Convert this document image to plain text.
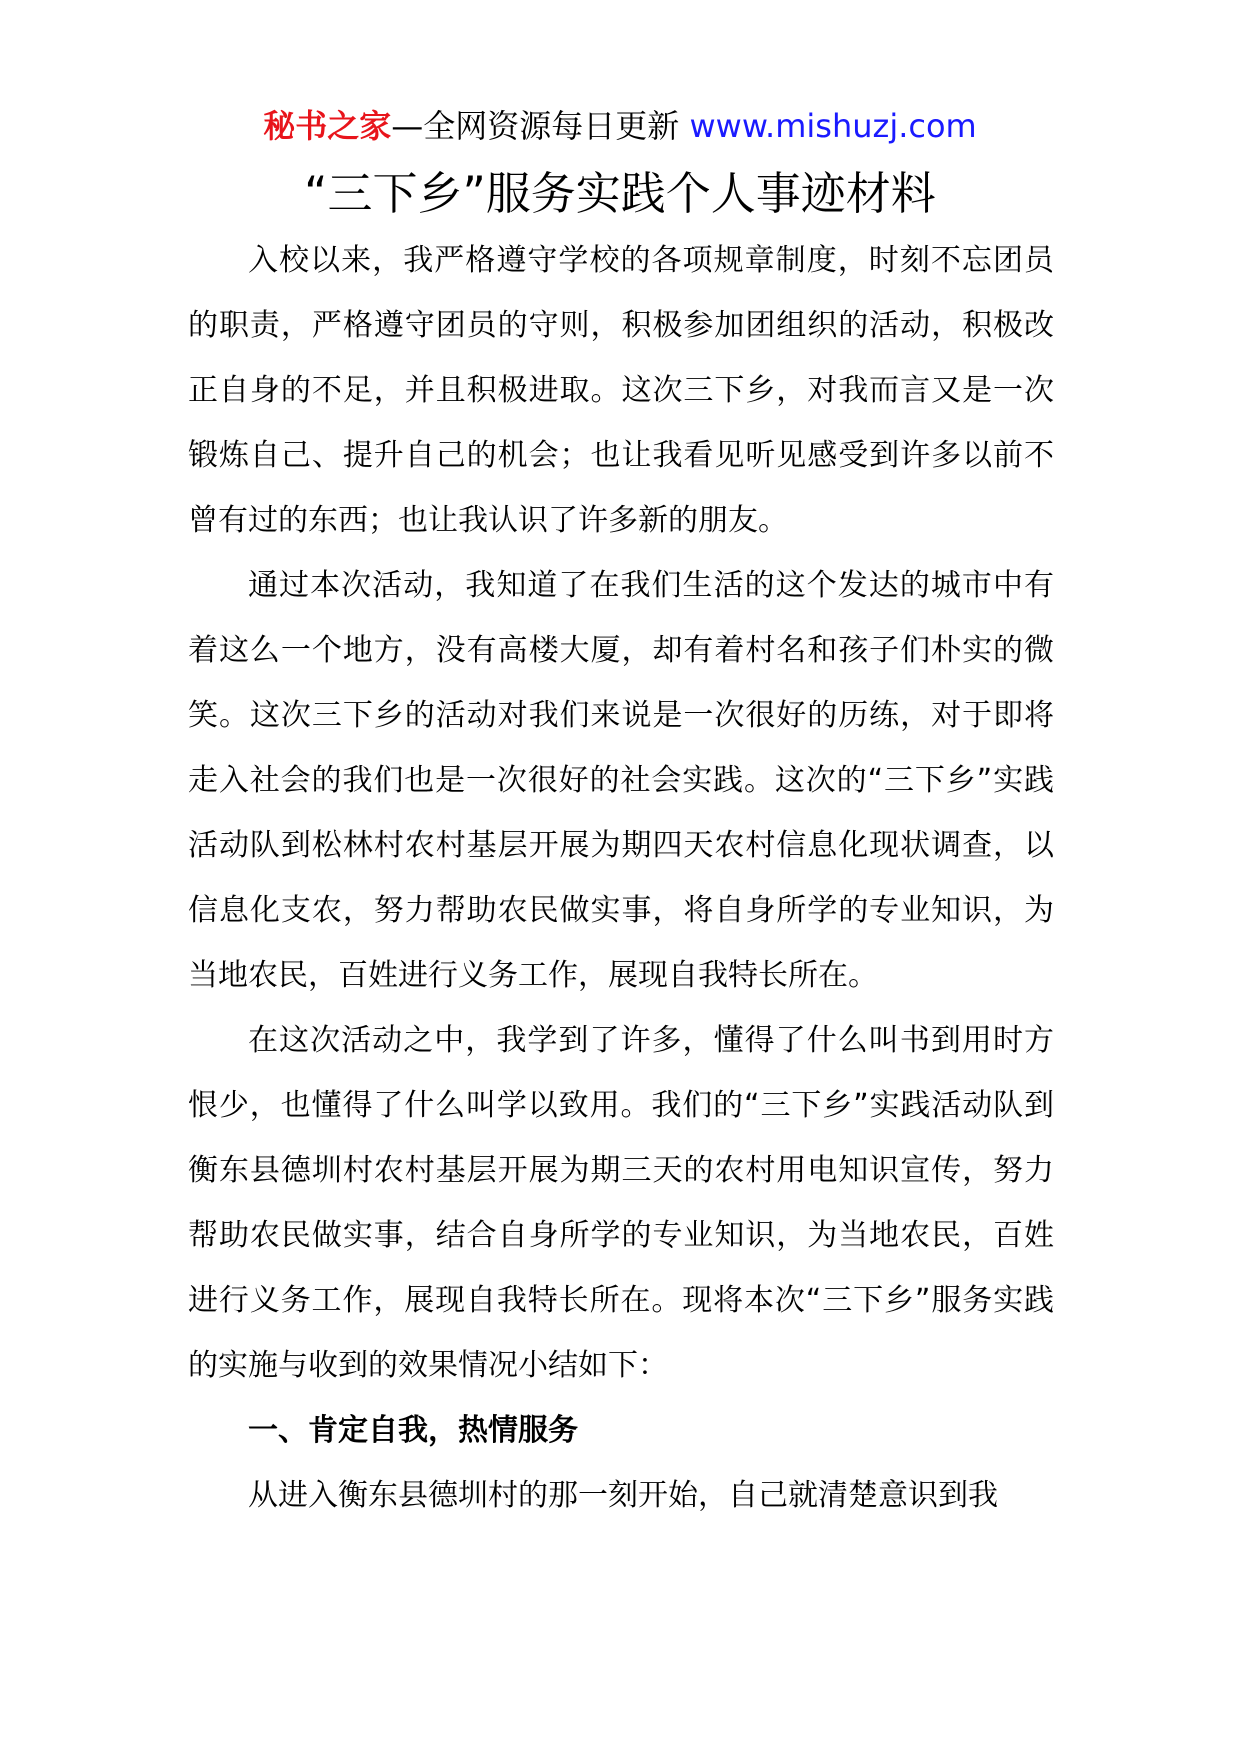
秘书之家—全网资源每日更新 www.mishuzj.com
“三下乡”服务实践个人事迹材料

入校以来，我严格遵守学校的各项规章制度，时刻不忘团员的职责，严格遵守团员的守则，积极参加团组织的活动，积极改正自身的不足，并且积极进取。这次三下乡，对我而言又是一次锻炼自己、提升自己的机会；也让我看见听见感受到许多以前不曾有过的东西；也让我认识了许多新的朋友。

通过本次活动，我知道了在我们生活的这个发达的城市中有着这么一个地方，没有高楼大厦，却有着村名和孩子们朴实的微笑。这次三下乡的活动对我们来说是一次很好的历练，对于即将走入社会的我们也是一次很好的社会实践。这次的“三下乡”实践活动队到松林村农村基层开展为期四天农村信息化现状调查，以信息化支农，努力帮助农民做实事，将自身所学的专业知识，为当地农民，百姓进行义务工作，展现自我特长所在。

在这次活动之中，我学到了许多，懂得了什么叫书到用时方恨少，也懂得了什么叫学以致用。我们的“三下乡”实践活动队到衡东县德圳村农村基层开展为期三天的农村用电知识宣传，努力帮助农民做实事，结合自身所学的专业知识，为当地农民，百姓进行义务工作，展现自我特长所在。现将本次“三下乡”服务实践的实施与收到的效果情况小结如下：

一、肯定自我，热情服务

从进入衡东县德圳村的那一刻开始，自己就清楚意识到我
